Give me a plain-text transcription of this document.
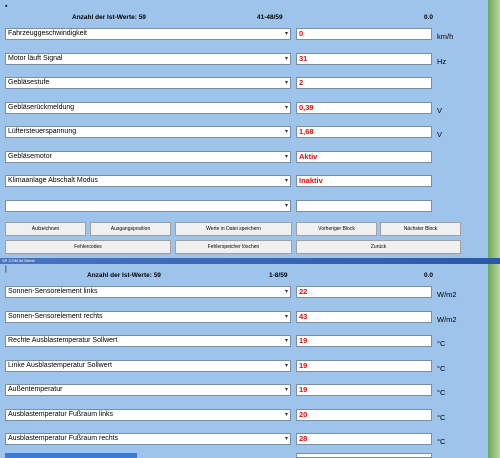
▪
Anzahl der Ist-Werte: 59	41-48/59	0.0
Fahrzeuggeschwindigkeit	▾	0	km/h
Motor läuft Signal	▾	31	Hz
Gebläsestufe	▾	2
Gebläserückmeldung	▾	0,39	V
Lüftersteuerspannung	▾	1,68	V
Gebläsemotor	▾	Aktiv
Klimaanlage Abschalt Modus	▾	Inaktiv
▾
Aufzeichnen	Ausgangsposition	Werte in Datei speichern	Vorheriger Block	Nächster Block
Fehlercodes	Fehlerspeicher löschen	Zurück
SP-COM ist Werte
|
Anzahl der Ist-Werte: 59	1-8/59	0.0
Sonnen-Sensorelement links	▾	22	W/m2
Sonnen-Sensorelement rechts	▾	43	W/m2
Rechte Ausblastemperatur Sollwert	▾	19	°C
Linke Ausblastemperatur Sollwert	▾	19	°C
Außentemperatur	▾	19	°C
Ausblastemperatur Fußraum links	▾	20	°C
Ausblastemperatur Fußraum rechts	▾	28	°C
